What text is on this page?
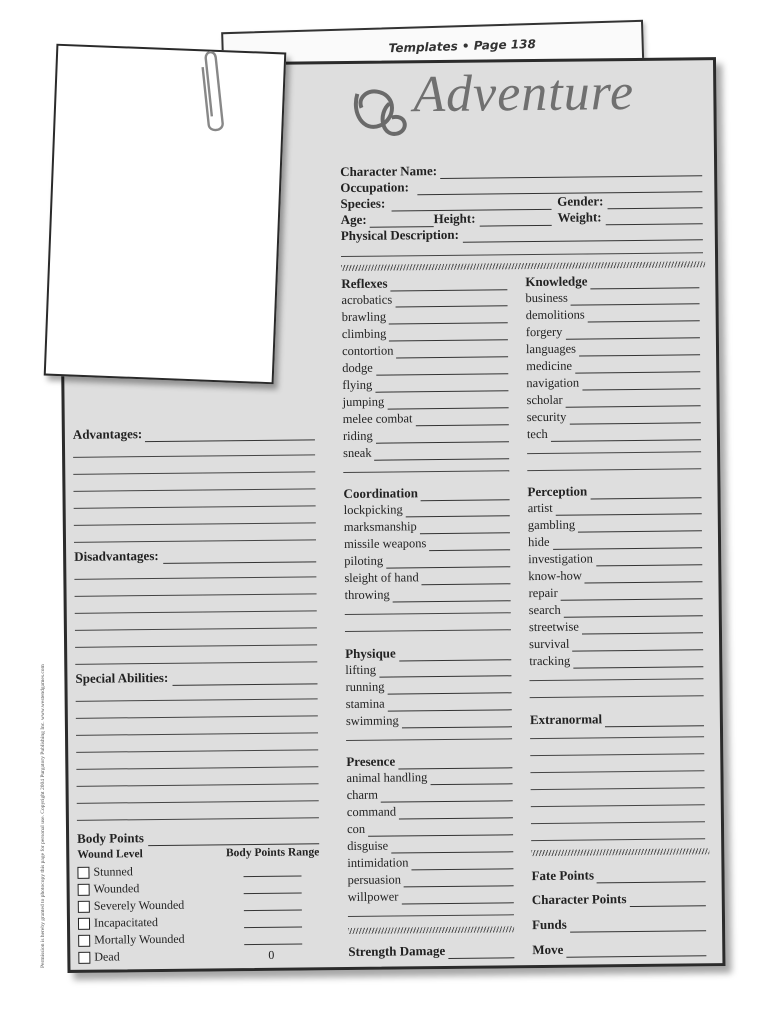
Templates • Page 138
Adventure
Character Name:
Occupation:
Species:	Gender:
Age:	Height:	Weight:
Physical Description:
Advantages:
Disadvantages:
Special Abilities:
Body Points
Wound Level	Body Points Range
Stunned
Wounded
Severely Wounded
Incapacitated
Mortally Wounded
Dead	0
Reflexes
acrobatics
brawling
climbing
contortion
dodge
flying
jumping
melee combat
riding
sneak
Coordination
lockpicking
marksmanship
missile weapons
piloting
sleight of hand
throwing
Physique
lifting
running
stamina
swimming
Presence
animal handling
charm
command
con
disguise
intimidation
persuasion
willpower
Strength Damage
Knowledge
business
demolitions
forgery
languages
medicine
navigation
scholar
security
tech
Perception
artist
gambling
hide
investigation
know-how
repair
search
streetwise
survival
tracking
Extranormal
Fate Points
Character Points
Funds
Move
Permission is hereby granted to photocopy this page for personal use. Copyright 2004 Purgatory Publishing Inc. www.westendgames.com
